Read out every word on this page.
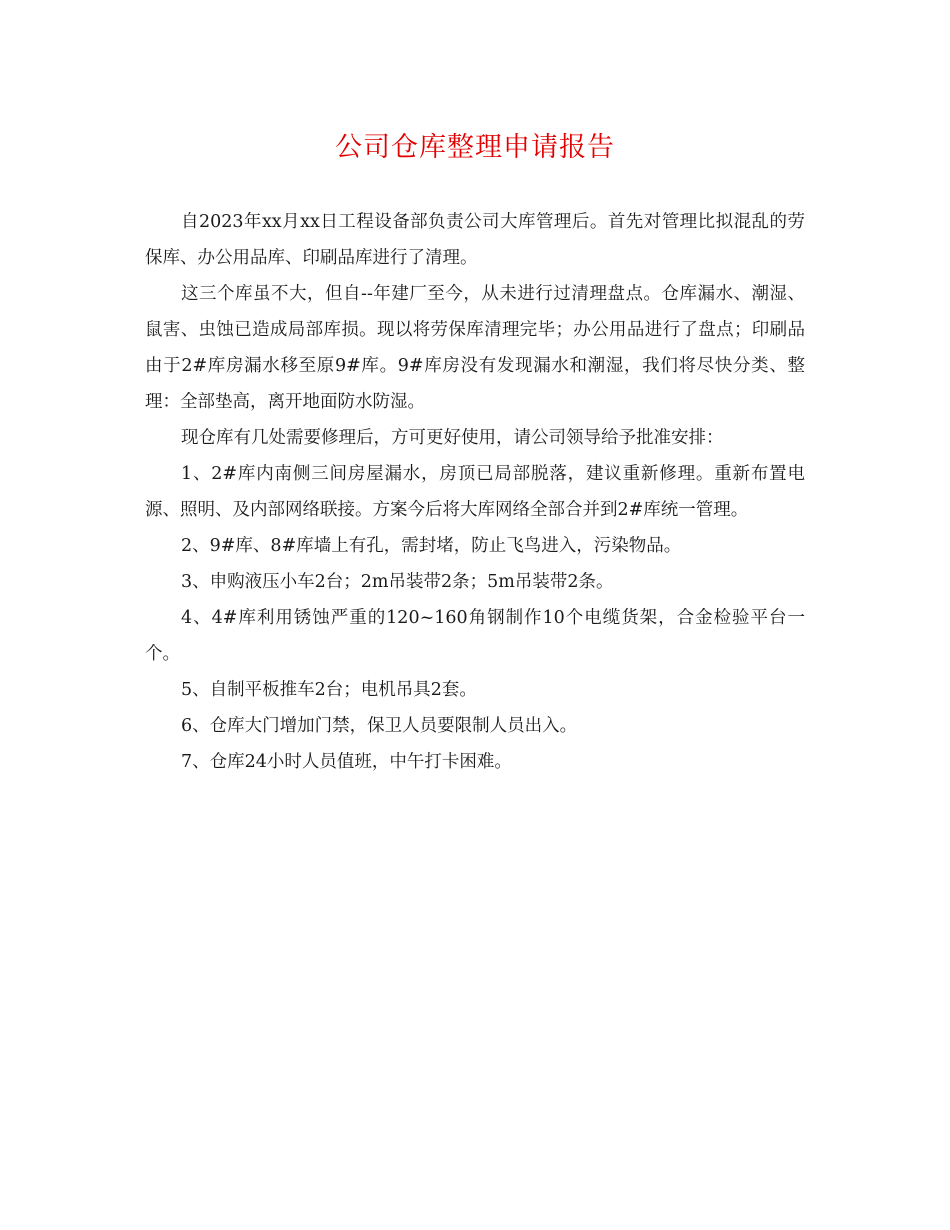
公司仓库整理申请报告

自2023年xx月xx日工程设备部负责公司大库管理后。首先对管理比拟混乱的劳保库、办公用品库、印刷品库进行了清理。

这三个库虽不大，但自--年建厂至今，从未进行过清理盘点。仓库漏水、潮湿、鼠害、虫蚀已造成局部库损。现以将劳保库清理完毕；办公用品进行了盘点；印刷品由于2#库房漏水移至原9#库。9#库房没有发现漏水和潮湿，我们将尽快分类、整理：全部垫高，离开地面防水防湿。

现仓库有几处需要修理后，方可更好使用，请公司领导给予批准安排：

1、2#库内南侧三间房屋漏水，房顶已局部脱落，建议重新修理。重新布置电源、照明、及内部网络联接。方案今后将大库网络全部合并到2#库统一管理。

2、9#库、8#库墙上有孔，需封堵，防止飞鸟进入，污染物品。

3、申购液压小车2台；2m吊装带2条；5m吊装带2条。

4、4#库利用锈蚀严重的120~160角钢制作10个电缆货架，合金检验平台一个。

5、自制平板推车2台；电机吊具2套。

6、仓库大门增加门禁，保卫人员要限制人员出入。

7、仓库24小时人员值班，中午打卡困难。
